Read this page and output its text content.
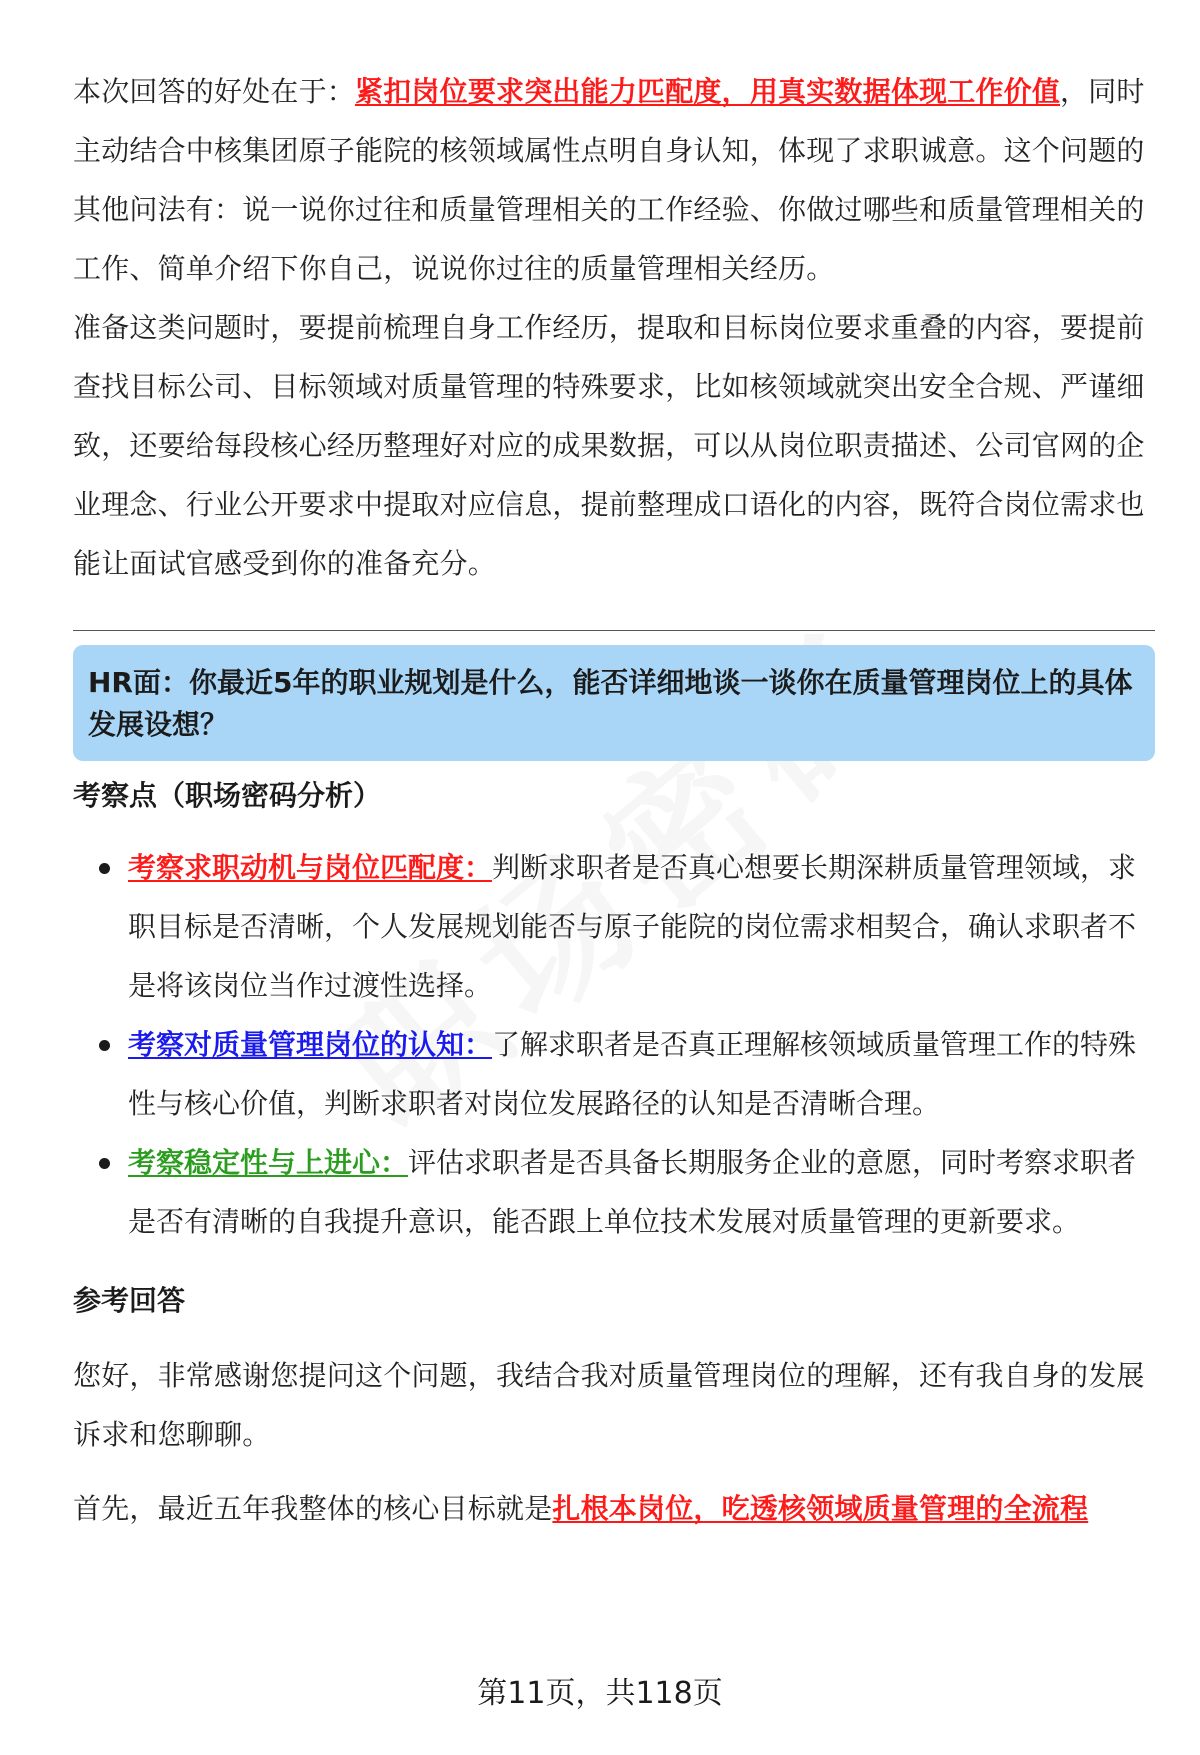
本次回答的好处在于：紧扣岗位要求突出能力匹配度，用真实数据体现工作价值，同时主动结合中核集团原子能院的核领域属性点明自身认知，体现了求职诚意。这个问题的其他问法有：说一说你过往和质量管理相关的工作经验、你做过哪些和质量管理相关的工作、简单介绍下你自己，说说你过往的质量管理相关经历。

准备这类问题时，要提前梳理自身工作经历，提取和目标岗位要求重叠的内容，要提前查找目标公司、目标领域对质量管理的特殊要求，比如核领域就突出安全合规、严谨细致，还要给每段核心经历整理好对应的成果数据，可以从岗位职责描述、公司官网的企业理念、行业公开要求中提取对应信息，提前整理成口语化的内容，既符合岗位需求也能让面试官感受到你的准备充分。

HR面：你最近5年的职业规划是什么，能否详细地谈一谈你在质量管理岗位上的具体发展设想？
考察点（职场密码分析）
考察求职动机与岗位匹配度：判断求职者是否真心想要长期深耕质量管理领域，求职目标是否清晰，个人发展规划能否与原子能院的岗位需求相契合，确认求职者不是将该岗位当作过渡性选择。
考察对质量管理岗位的认知：了解求职者是否真正理解核领域质量管理工作的特殊性与核心价值，判断求职者对岗位发展路径的认知是否清晰合理。
考察稳定性与上进心：评估求职者是否具备长期服务企业的意愿，同时考察求职者是否有清晰的自我提升意识，能否跟上单位技术发展对质量管理的更新要求。
参考回答

您好，非常感谢您提问这个问题，我结合我对质量管理岗位的理解，还有我自身的发展诉求和您聊聊。

首先，最近五年我整体的核心目标就是扎根本岗位，吃透核领域质量管理的全流程

第11页，共118页
